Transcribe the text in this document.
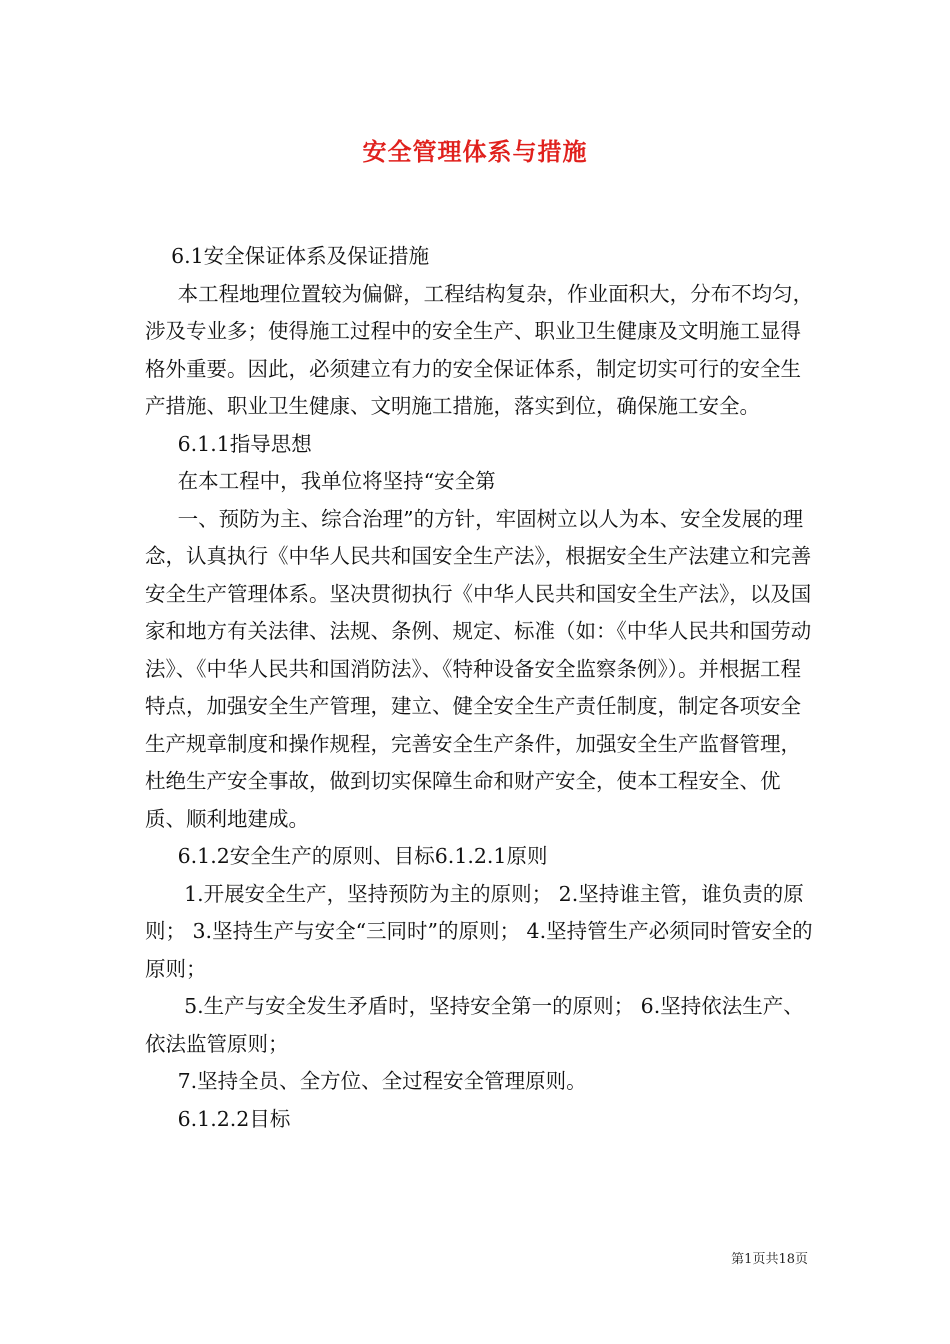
安全管理体系与措施

6.1安全保证体系及保证措施

本工程地理位置较为偏僻，工程结构复杂，作业面积大，分布不均匀，涉及专业多；使得施工过程中的安全生产、职业卫生健康及文明施工显得格外重要。因此，必须建立有力的安全保证体系，制定切实可行的安全生产措施、职业卫生健康、文明施工措施，落实到位，确保施工安全。

6.1.1指导思想

在本工程中，我单位将坚持“安全第

一、预防为主、综合治理”的方针，牢固树立以人为本、安全发展的理念，认真执行《中华人民共和国安全生产法》，根据安全生产法建立和完善安全生产管理体系。坚决贯彻执行《中华人民共和国安全生产法》，以及国家和地方有关法律、法规、条例、规定、标准（如：《中华人民共和国劳动法》、《中华人民共和国消防法》、《特种设备安全监察条例》）。并根据工程特点，加强安全生产管理，建立、健全安全生产责任制度，制定各项安全生产规章制度和操作规程，完善安全生产条件，加强安全生产监督管理，杜绝生产安全事故，做到切实保障生命和财产安全，使本工程安全、优质、顺利地建成。

6.1.2安全生产的原则、目标6.1.2.1原则

1.开展安全生产，坚持预防为主的原则； 2.坚持谁主管，谁负责的原则； 3.坚持生产与安全“三同时”的原则； 4.坚持管生产必须同时管安全的原则；

5.生产与安全发生矛盾时，坚持安全第一的原则； 6.坚持依法生产、依法监管原则；

7.坚持全员、全方位、全过程安全管理原则。

6.1.2.2目标

第1页共18页
